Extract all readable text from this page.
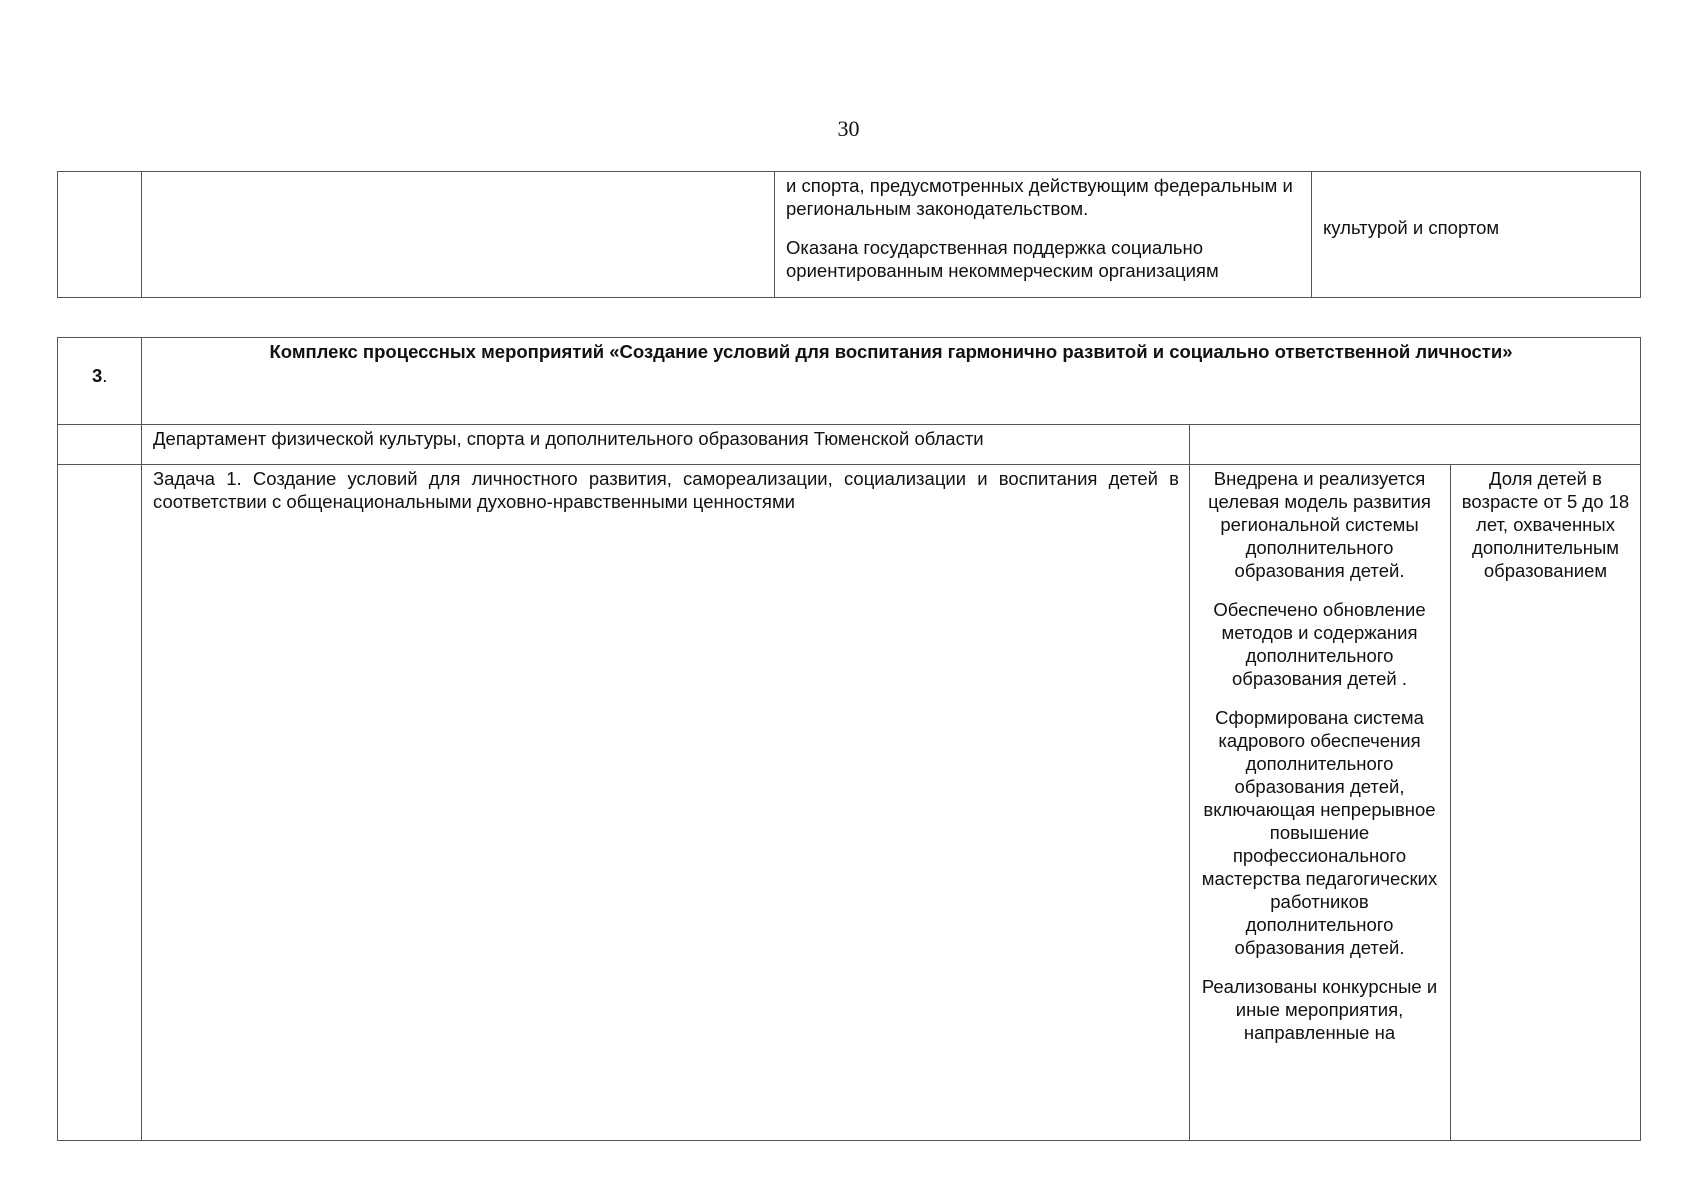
30

и спорта, предусмотренных действующим федеральным и региональным законодательством.

Оказана государственная поддержка социально ориентированным некоммерческим организациям

культурой и спортом
3.
Комплекс процессных мероприятий «Создание условий для воспитания гармонично развитой и социально ответственной личности»
Департамент физической культуры, спорта и дополнительного образования Тюменской области
Задача 1. Создание условий для личностного развития, самореализации, социализации и воспитания детей в соответствии с общенациональными духовно-нравственными ценностями

Внедрена и реализуется целевая модель развития региональной системы дополнительного образования детей.

Обеспечено обновление методов и содержания дополнительного образования детей .

Сформирована система кадрового обеспечения дополнительного образования детей, включающая непрерывное повышение профессионального мастерства педагогических работников дополнительного образования детей.

Реализованы конкурсные и иные мероприятия, направленные на

Доля детей в возрасте от 5 до 18 лет, охваченных дополнительным образованием
